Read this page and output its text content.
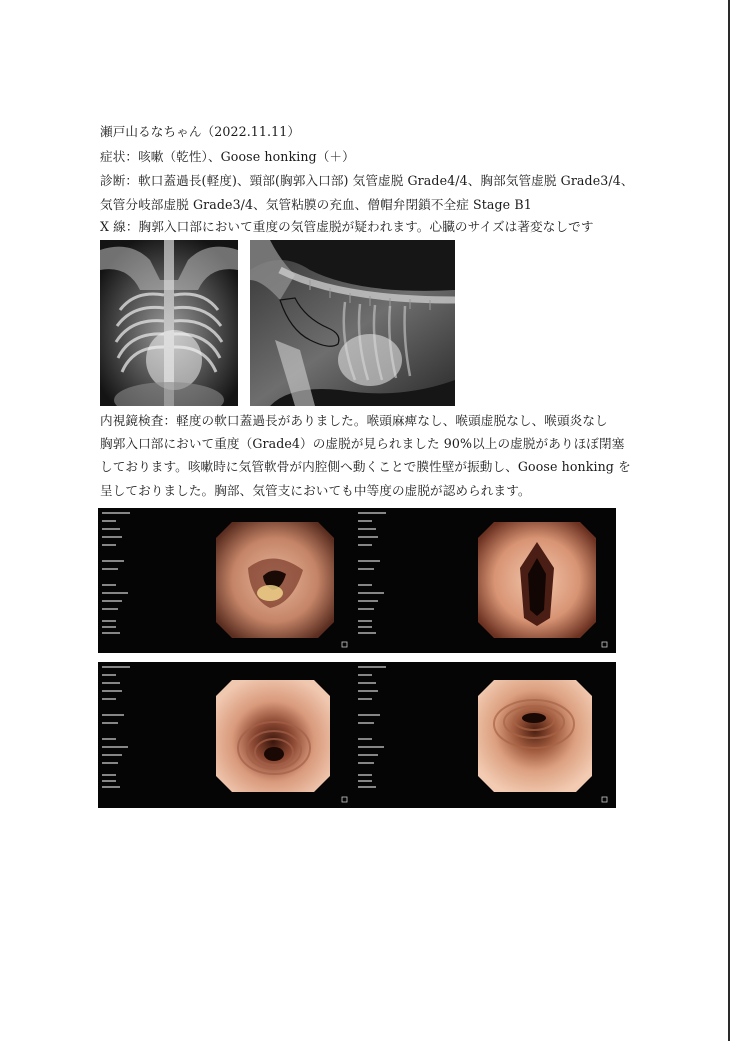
瀬戸山るなちゃん（2022.11.11）
症状：咳嗽（乾性）、Goose honking（＋）
診断：軟口蓋過長(軽度)、頸部(胸郭入口部) 気管虚脱 Grade4/4、胸部気管虚脱 Grade3/4、
気管分岐部虚脱 Grade3/4、気管粘膜の充血、僧帽弁閉鎖不全症 Stage B1
X 線：胸郭入口部において重度の気管虚脱が疑われます。心臓のサイズは著変なしです
内視鏡検査：軽度の軟口蓋過長がありました。喉頭麻痺なし、喉頭虚脱なし、喉頭炎なし
胸郭入口部において重度（Grade4）の虚脱が見られました 90%以上の虚脱がありほぼ閉塞
しております。咳嗽時に気管軟骨が内腔側へ動くことで膜性壁が振動し、Goose honking を
呈しておりました。胸部、気管支においても中等度の虚脱が認められます。
